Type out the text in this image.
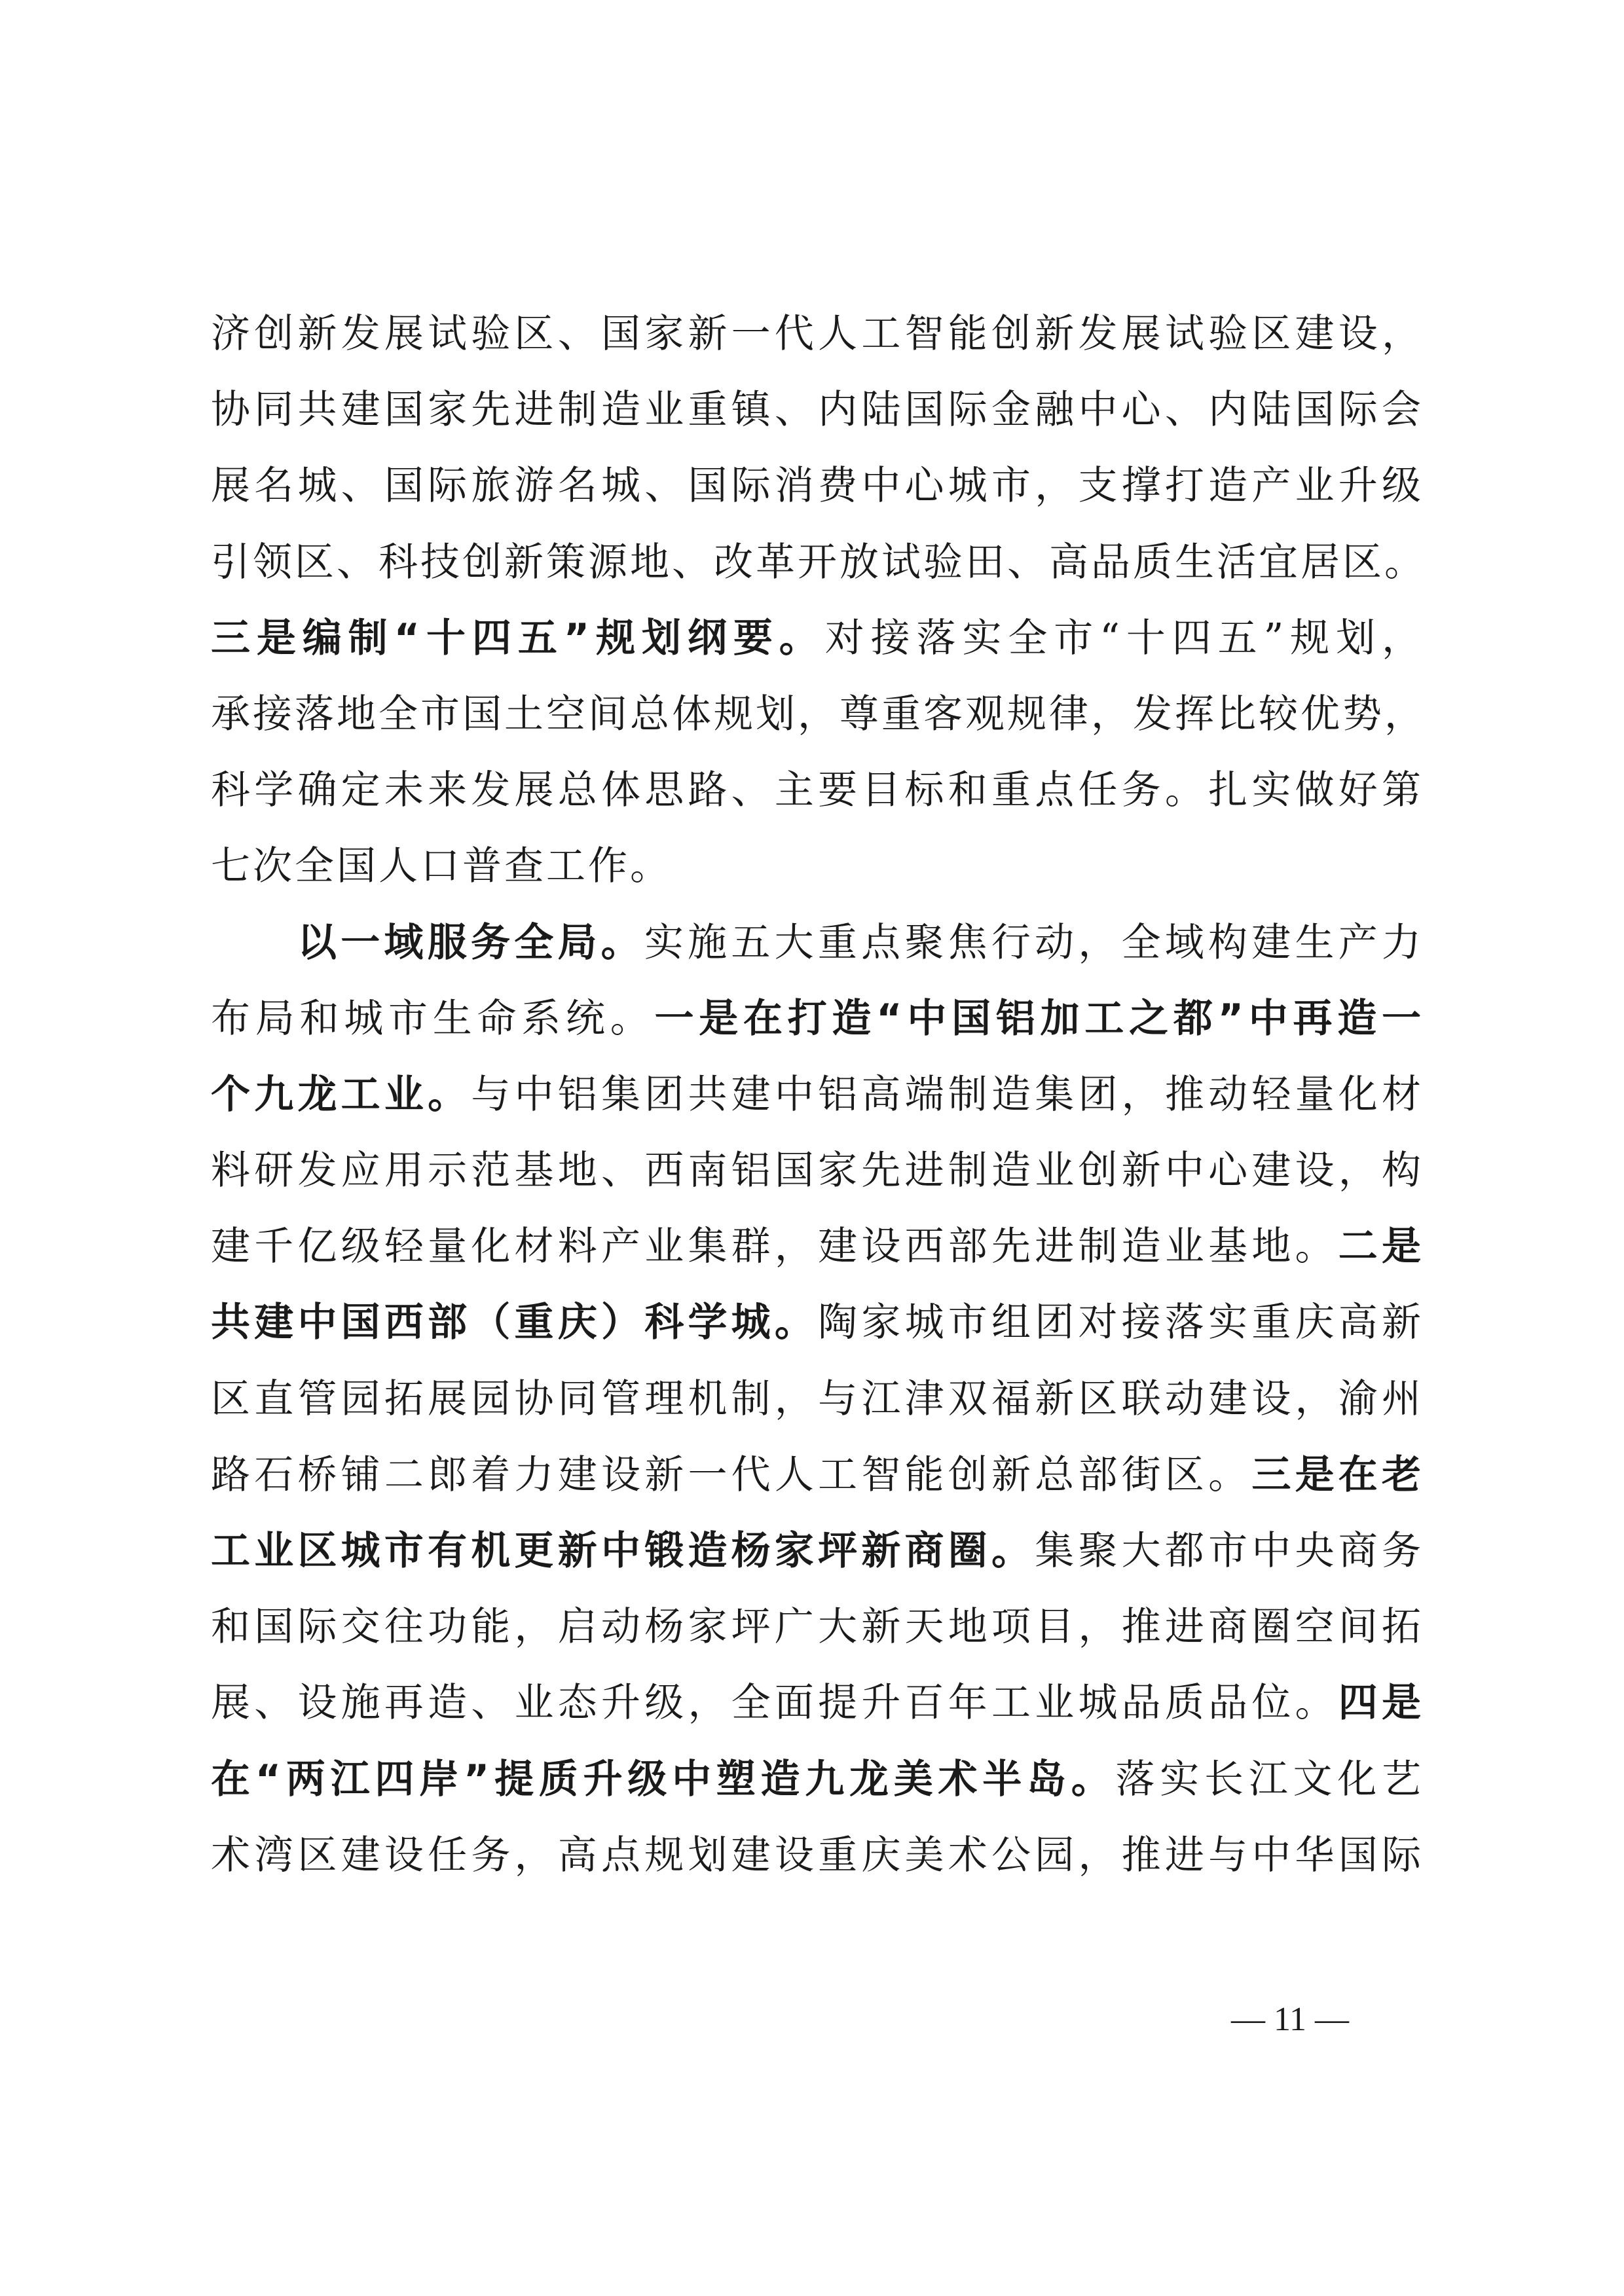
济创新发展试验区、国家新一代人工智能创新发展试验区建设，
协同共建国家先进制造业重镇、内陆国际金融中心、内陆国际会
展名城、国际旅游名城、国际消费中心城市，支撑打造产业升级
引领区、科技创新策源地、改革开放试验田、高品质生活宜居区。
三是编制“十四五”规划纲要。对接落实全市“十四五”规划，
承接落地全市国土空间总体规划，尊重客观规律，发挥比较优势，
科学确定未来发展总体思路、主要目标和重点任务。扎实做好第
七次全国人口普查工作。
以一域服务全局。实施五大重点聚焦行动，全域构建生产力
布局和城市生命系统。一是在打造“中国铝加工之都”中再造一
个九龙工业。与中铝集团共建中铝高端制造集团，推动轻量化材
料研发应用示范基地、西南铝国家先进制造业创新中心建设，构
建千亿级轻量化材料产业集群，建设西部先进制造业基地。二是
共建中国西部（重庆）科学城。陶家城市组团对接落实重庆高新
区直管园拓展园协同管理机制，与江津双福新区联动建设，渝州
路石桥铺二郎着力建设新一代人工智能创新总部街区。三是在老
工业区城市有机更新中锻造杨家坪新商圈。集聚大都市中央商务
和国际交往功能，启动杨家坪广大新天地项目，推进商圈空间拓
展、设施再造、业态升级，全面提升百年工业城品质品位。四是
在“两江四岸”提质升级中塑造九龙美术半岛。落实长江文化艺
术湾区建设任务，高点规划建设重庆美术公园，推进与中华国际
— 11 —
